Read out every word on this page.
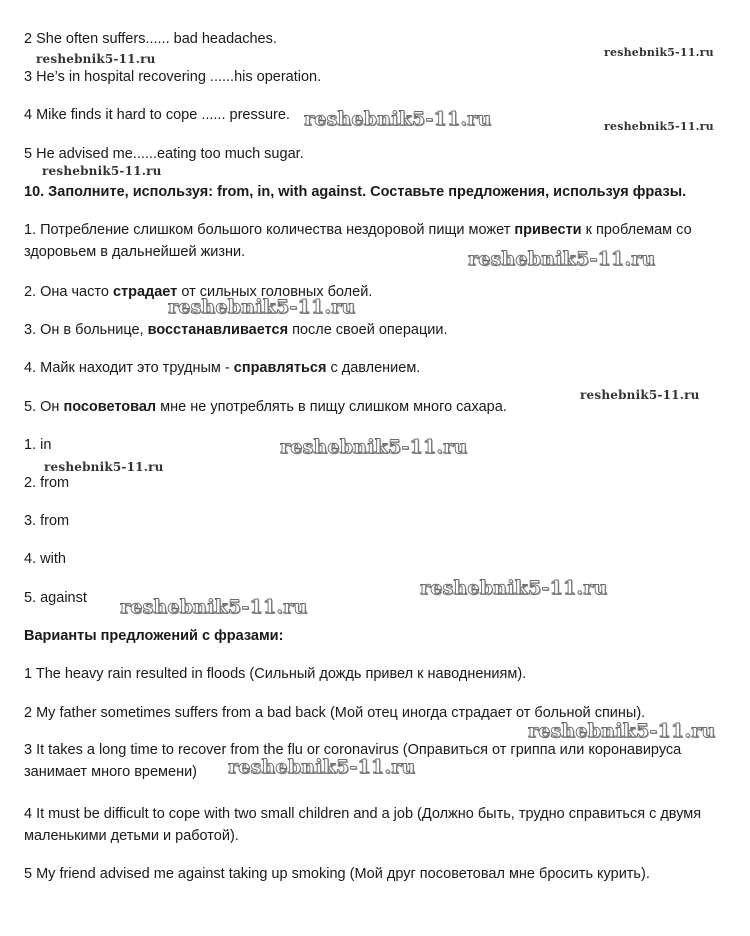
2 She often suffers...... bad headaches.
3 He’s in hospital recovering ......his operation.
4 Mike finds it hard to cope ...... pressure.
5 He advised me......eating too much sugar.
10. Заполните, используя: from, in, with against. Составьте предложения, используя фразы.
1. Потребление слишком большого количества нездоровой пищи может привести к проблемам со здоровьем в дальнейшей жизни.
2. Она часто страдает от сильных головных болей.
3. Он в больнице, восстанавливается после своей операции.
4. Майк находит это трудным - справляться с давлением.
5. Он посоветовал мне не употреблять в пищу слишком много сахара.
1. in
2. from
3. from
4. with
5. against
Варианты предложений с фразами:
1 The heavy rain resulted in floods (Сильный дождь привел к наводнениям).
2 My father sometimes suffers from a bad back (Мой отец иногда страдает от больной спины).
3 It takes a long time to recover from the flu or coronavirus (Оправиться от гриппа или коронавируса занимает много времени)
4 It must be difficult to cope with two small children and a job (Должно быть, трудно справиться с двумя маленькими детьми и работой).
5 My friend advised me against taking up smoking (Мой друг посоветовал мне бросить курить).
reshebnik5-11.ru	reshebnik5-11.ru
reshebnik5-11.ru	reshebnik5-11.ru
reshebnik5-11.ru
reshebnik5-11.ru
reshebnik5-11.ru
reshebnik5-11.ru
reshebnik5-11.ru
reshebnik5-11.ru
reshebnik5-11.ru
reshebnik5-11.ru
reshebnik5-11.ru
reshebnik5-11.ru
